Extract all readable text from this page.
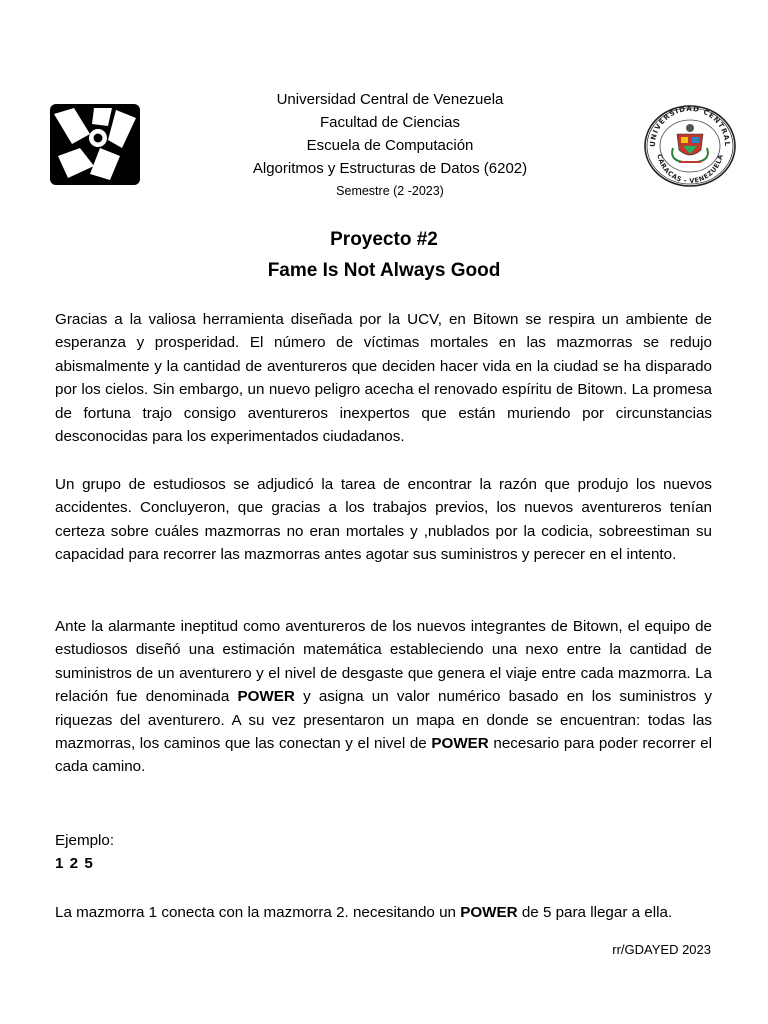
Universidad Central de Venezuela
Facultad de Ciencias
Escuela de Computación
Algoritmos y Estructuras de Datos (6202)
Semestre (2 -2023)
UNIVERSIDAD CENTRAL
CARACAS - VENEZUELA
Proyecto #2
Fame Is Not Always Good
Gracias a la valiosa herramienta diseñada por la UCV, en Bitown se respira un ambiente de esperanza y prosperidad. El número de víctimas mortales en las mazmorras se redujo abismalmente y la cantidad de aventureros que deciden hacer vida en la ciudad se ha disparado por los cielos. Sin embargo, un nuevo peligro acecha el renovado espíritu de Bitown. La promesa de fortuna trajo consigo aventureros inexpertos que están muriendo por circunstancias desconocidas para los experimentados ciudadanos.
Un grupo de estudiosos se adjudicó la tarea de encontrar la razón que produjo los nuevos accidentes. Concluyeron, que gracias a los trabajos previos, los nuevos aventureros tenían certeza sobre cuáles mazmorras no eran mortales y ,nublados por la codicia, sobreestiman su capacidad para recorrer las mazmorras antes agotar sus suministros y perecer en el intento.
Ante la alarmante ineptitud como aventureros de los nuevos integrantes de Bitown, el equipo de estudiosos diseñó una estimación matemática estableciendo una nexo entre la cantidad de suministros de un aventurero y el nivel de desgaste que genera el viaje entre cada mazmorra. La relación fue denominada POWER y asigna un valor numérico basado en los suministros y riquezas del aventurero. A su vez presentaron un mapa en donde se encuentran: todas las mazmorras, los caminos que las conectan y el nivel de POWER necesario para poder recorrer el cada camino.
Ejemplo:
1 2 5
La mazmorra 1 conecta con la mazmorra 2. necesitando un POWER de 5 para llegar a ella.
rr/GDAYED 2023
